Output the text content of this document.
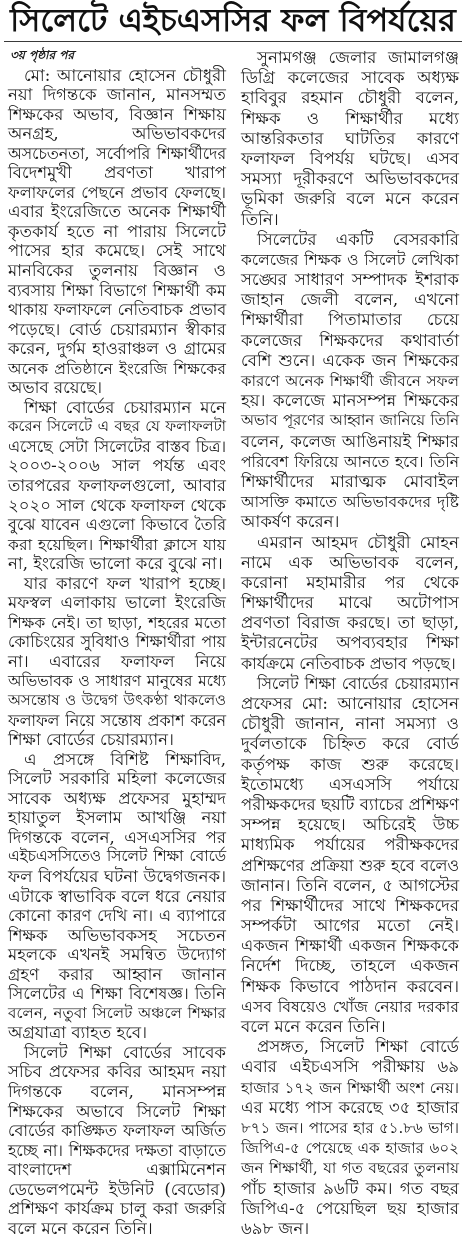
সিলেটে এইচএসসির ফল বিপর্যয়ের
৩য় পৃষ্ঠার পর
মো: আনোয়ার হোসেন চৌধুরী
নয়া দিগন্তকে জানান, মানসম্মত
শিক্ষকের অভাব, বিজ্ঞান শিক্ষায়
অনগ্রহ, অভিভাবকদের
অসচেতনতা, সর্বোপরি শিক্ষার্থীদের
বিদেশমুখী প্রবণতা খারাপ
ফলাফলের পেছনে প্রভাব ফেলছে।
এবার ইংরেজিতে অনেক শিক্ষার্থী
কৃতকার্য হতে না পারায় সিলেটে
পাসের হার কমেছে। সেই সাথে
মানবিকের তুলনায় বিজ্ঞান ও
ব্যবসায় শিক্ষা বিভাগে শিক্ষার্থী কম
থাকায় ফলাফলে নেতিবাচক প্রভাব
পড়েছে। বোর্ড চেয়ারম্যান স্বীকার
করেন, দুর্গম হাওরাঞ্চল ও গ্রামের
অনেক প্রতিষ্ঠানে ইংরেজি শিক্ষকের
অভাব রয়েছে।
শিক্ষা বোর্ডের চেয়ারম্যান মনে
করেন সিলেটে এ বছর যে ফলাফলটা
এসেছে সেটা সিলেটের বাস্তব চিত্র।
২০০৩-২০০৬ সাল পর্যন্ত এবং
তারপরের ফলাফলগুলো, আবার
২০২০ সাল থেকে ফলাফল থেকে
বুঝে যাবেন এগুলো কিভাবে তৈরি
করা হয়েছিল। শিক্ষার্থীরা ক্লাসে যায়
না, ইংরেজি ভালো করে বুঝে না।
যার কারণে ফল খারাপ হচ্ছে।
মফস্বল এলাকায় ভালো ইংরেজি
শিক্ষক নেই। তা ছাড়া, শহরের মতো
কোচিংয়ের সুবিধাও শিক্ষার্থীরা পায়
না। এবারের ফলাফল নিয়ে
অভিভাবক ও সাধারণ মানুষের মধ্যে
অসন্তোষ ও উদ্বেগ উৎকণ্ঠা থাকলেও
ফলাফল নিয়ে সন্তোষ প্রকাশ করেন
শিক্ষা বোর্ডের চেয়ারম্যান।
এ প্রসঙ্গে বিশিষ্ট শিক্ষাবিদ,
সিলেট সরকারি মহিলা কলেজের
সাবেক অধ্যক্ষ প্রফেসর মুহাম্মদ
হায়াতুল ইসলাম আখঞ্জি নয়া
দিগন্তকে বলেন, এসএসসির পর
এইচএসসিতেও সিলেট শিক্ষা বোর্ডে
ফল বিপর্যয়ের ঘটনা উদ্বেগজনক।
এটাকে স্বাভাবিক বলে ধরে নেয়ার
কোনো কারণ দেখি না। এ ব্যাপারে
শিক্ষক অভিভাবকসহ সচেতন
মহলকে এখনই সমন্বিত উদ্যোগ
গ্রহণ করার আহ্বান জানান
সিলেটের এ শিক্ষা বিশেষজ্ঞ। তিনি
বলেন, নতুবা সিলেট অঞ্চলে শিক্ষার
অগ্রযাত্রা ব্যাহত হবে।
সিলেট শিক্ষা বোর্ডের সাবেক
সচিব প্রফেসর কবির আহমদ নয়া
দিগন্তকে বলেন, মানসম্পন্ন
শিক্ষকের অভাবে সিলেট শিক্ষা
বোর্ডের কাঙ্ক্ষিত ফলাফল অর্জিত
হচ্ছে না। শিক্ষকদের দক্ষতা বাড়াতে
বাংলাদেশ এক্সামিনেশন
ডেভেলপমেন্ট ইউনিট (বেডোর)
প্রশিক্ষণ কার্যক্রম চালু করা জরুরি
বলে মনে করেন তিনি।
সুনামগঞ্জ জেলার জামালগঞ্জ
ডিগ্রি কলেজের সাবেক অধ্যক্ষ
হাবিবুর রহমান চৌধুরী বলেন,
শিক্ষক ও শিক্ষার্থীর মধ্যে
আন্তরিকতার ঘাটতির কারণে
ফলাফল বিপর্যয় ঘটছে। এসব
সমস্যা দূরীকরণে অভিভাবকদের
ভূমিকা জরুরি বলে মনে করেন
তিনি।
সিলেটের একটি বেসরকারি
কলেজের শিক্ষক ও সিলেট লেখিকা
সঙ্ঘের সাধারণ সম্পাদক ইশরাক
জাহান জেলী বলেন, এখনো
শিক্ষার্থীরা পিতামাতার চেয়ে
কলেজের শিক্ষকদের কথাবার্তা
বেশি শুনে। একেক জন শিক্ষকের
কারণে অনেক শিক্ষার্থী জীবনে সফল
হয়। কলেজে মানসম্পন্ন শিক্ষকের
অভাব পূরণের আহ্বান জানিয়ে তিনি
বলেন, কলেজ আঙিনায়ই শিক্ষার
পরিবেশ ফিরিয়ে আনতে হবে। তিনি
শিক্ষার্থীদের মারাত্মক মোবাইল
আসক্তি কমাতে অভিভাবকদের দৃষ্টি
আকর্ষণ করেন।
এমরান আহমদ চৌধুরী মোহন
নামে এক অভিভাবক বলেন,
করোনা মহামারীর পর থেকে
শিক্ষার্থীদের মাঝে অটোপাস
প্রবণতা বিরাজ করছে। তা ছাড়া,
ইন্টারনেটের অপব্যবহার শিক্ষা
কার্যক্রমে নেতিবাচক প্রভাব পড়ছে।
সিলেট শিক্ষা বোর্ডের চেয়ারম্যান
প্রফেসর মো: আনোয়ার হোসেন
চৌধুরী জানান, নানা সমস্যা ও
দুর্বলতাকে চিহ্নিত করে বোর্ড
কর্তৃপক্ষ কাজ শুরু করেছে।
ইতোমধ্যে এসএসসি পর্যায়ে
পরীক্ষকদের ছয়টি ব্যাচের প্রশিক্ষণ
সম্পন্ন হয়েছে। অচিরেই উচ্চ
মাধ্যমিক পর্যায়ের পরীক্ষকদের
প্রশিক্ষণের প্রক্রিয়া শুরু হবে বলেও
জানান। তিনি বলেন, ৫ আগস্টের
পর শিক্ষার্থীদের সাথে শিক্ষকদের
সম্পর্কটা আগের মতো নেই।
একজন শিক্ষার্থী একজন শিক্ষককে
নির্দেশ দিচ্ছে, তাহলে একজন
শিক্ষক কিভাবে পাঠদান করবেন।
এসব বিষয়েও খোঁজ নেয়ার দরকার
বলে মনে করেন তিনি।
প্রসঙ্গত, সিলেট শিক্ষা বোর্ডে
এবার এইচএসসি পরীক্ষায় ৬৯
হাজার ১৭২ জন শিক্ষার্থী অংশ নেয়।
এর মধ্যে পাস করেছে ৩৫ হাজার
৮৭১ জন। পাসের হার ৫১.৮৬ ভাগ।
জিপিএ-৫ পেয়েছে এক হাজার ৬০২
জন শিক্ষার্থী, যা গত বছরের তুলনায়
পাঁচ হাজার ৯৬টি কম। গত বছর
জিপিএ-৫ পেয়েছিল ছয় হাজার
৬৯৮ জন।
